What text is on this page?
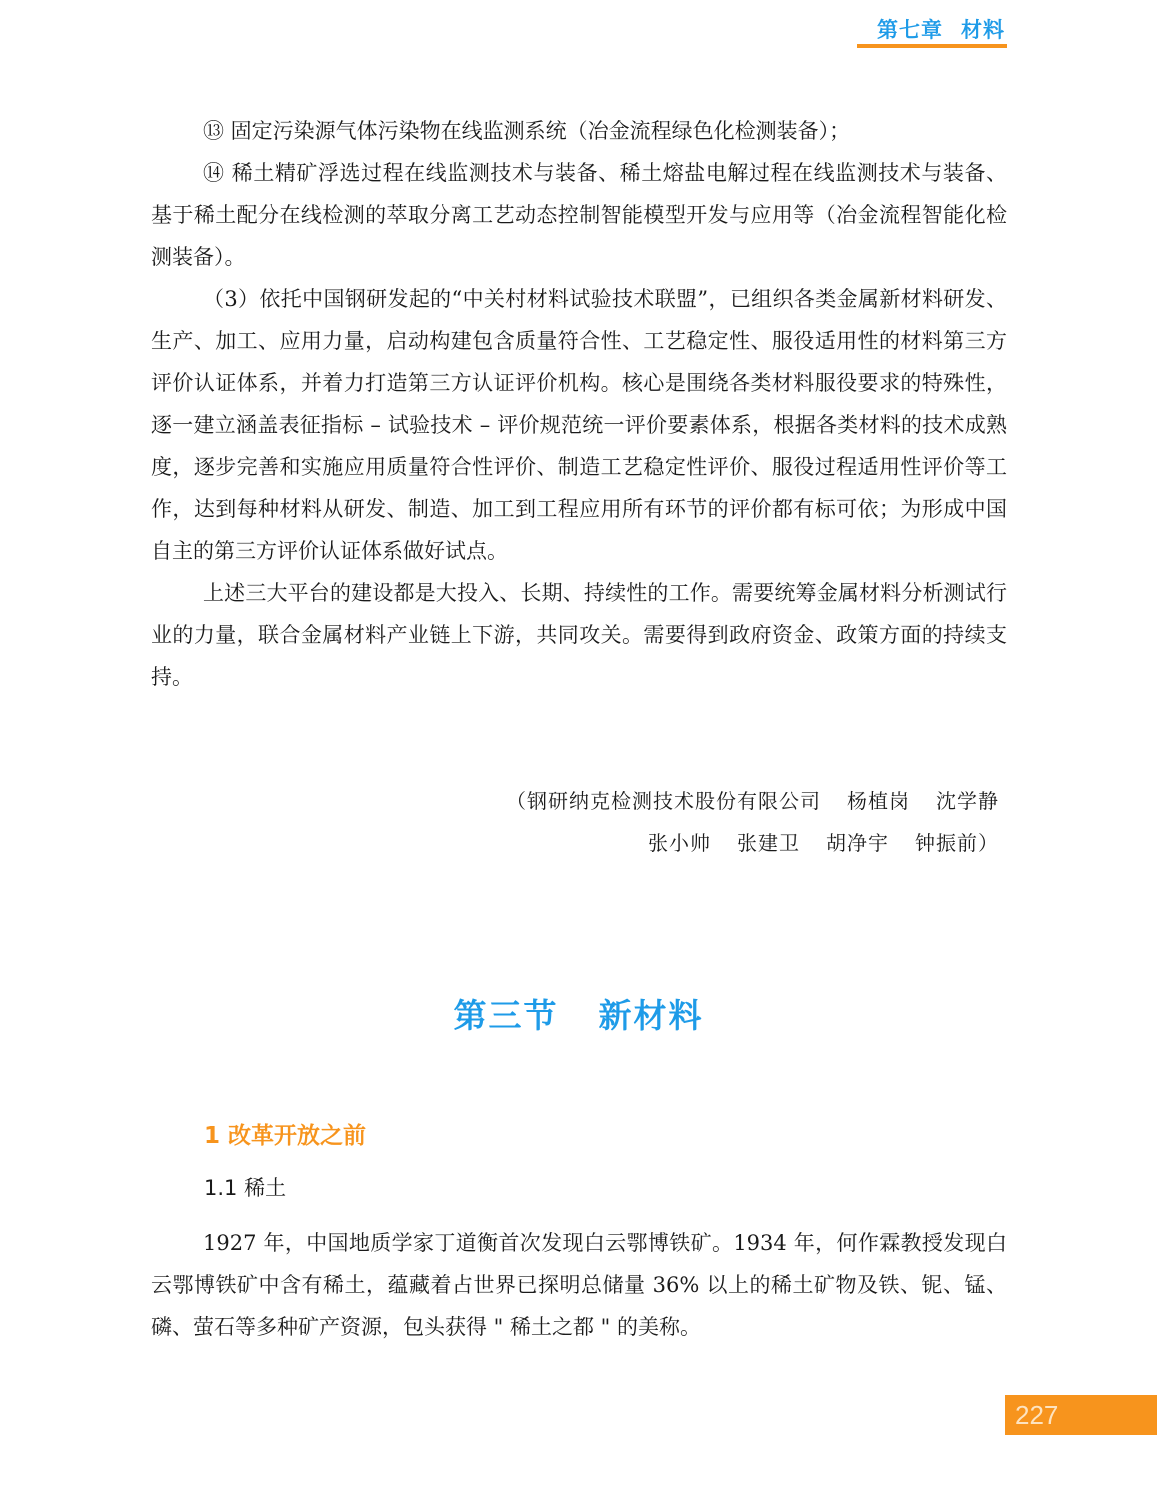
第七章 材料

⑬ 固定污染源气体污染物在线监测系统（冶金流程绿色化检测装备）；

⑭ 稀土精矿浮选过程在线监测技术与装备、稀土熔盐电解过程在线监测技术与装备、基于稀土配分在线检测的萃取分离工艺动态控制智能模型开发与应用等（冶金流程智能化检测装备）。

（3）依托中国钢研发起的“中关村材料试验技术联盟”，已组织各类金属新材料研发、生产、加工、应用力量，启动构建包含质量符合性、工艺稳定性、服役适用性的材料第三方评价认证体系，并着力打造第三方认证评价机构。核心是围绕各类材料服役要求的特殊性，逐一建立涵盖表征指标 – 试验技术 – 评价规范统一评价要素体系，根据各类材料的技术成熟度，逐步完善和实施应用质量符合性评价、制造工艺稳定性评价、服役过程适用性评价等工作，达到每种材料从研发、制造、加工到工程应用所有环节的评价都有标可依；为形成中国自主的第三方评价认证体系做好试点。

上述三大平台的建设都是大投入、长期、持续性的工作。需要统筹金属材料分析测试行业的力量，联合金属材料产业链上下游，共同攻关。需要得到政府资金、政策方面的持续支持。

（钢研纳克检测技术股份有限公司 杨植岗 沈学静
张小帅 张建卫 胡净宇 钟振前）
第三节 新材料
1 改革开放之前
1.1 稀土

1927 年，中国地质学家丁道衡首次发现白云鄂博铁矿。1934 年，何作霖教授发现白云鄂博铁矿中含有稀土，蕴藏着占世界已探明总储量 36% 以上的稀土矿物及铁、铌、锰、磷、萤石等多种矿产资源，包头获得 " 稀土之都 " 的美称。

227
